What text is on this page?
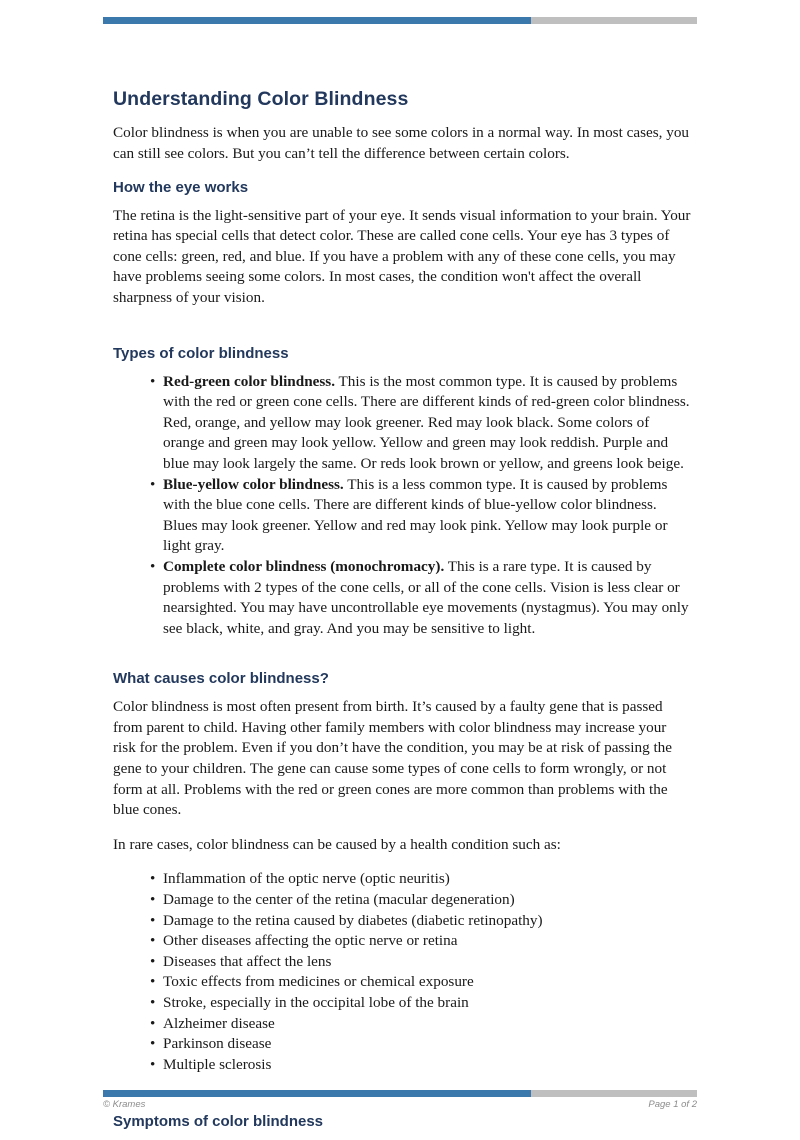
Understanding Color Blindness

Color blindness is when you are unable to see some colors in a normal way. In most cases, you can still see colors. But you can’t tell the difference between certain colors.

How the eye works

The retina is the light-sensitive part of your eye. It sends visual information to your brain. Your retina has special cells that detect color. These are called cone cells. Your eye has 3 types of cone cells: green, red, and blue. If you have a problem with any of these cone cells, you may have problems seeing some colors. In most cases, the condition won't affect the overall sharpness of your vision.

Types of color blindness
• Red-green color blindness. This is the most common type. It is caused by problems with the red or green cone cells. There are different kinds of red-green color blindness. Red, orange, and yellow may look greener. Red may look black. Some colors of orange and green may look yellow. Yellow and green may look reddish. Purple and blue may look largely the same. Or reds look brown or yellow, and greens look beige.
• Blue-yellow color blindness. This is a less common type. It is caused by problems with the blue cone cells. There are different kinds of blue-yellow color blindness. Blues may look greener. Yellow and red may look pink. Yellow may look purple or light gray.
• Complete color blindness (monochromacy). This is a rare type. It is caused by problems with 2 types of the cone cells, or all of the cone cells. Vision is less clear or nearsighted. You may have uncontrollable eye movements (nystagmus). You may only see black, white, and gray. And you may be sensitive to light.
What causes color blindness?

Color blindness is most often present from birth. It’s caused by a faulty gene that is passed from parent to child. Having other family members with color blindness may increase your risk for the problem. Even if you don’t have the condition, you may be at risk of passing the gene to your children. The gene can cause some types of cone cells to form wrongly, or not form at all. Problems with the red or green cones are more common than problems with the blue cones.

In rare cases, color blindness can be caused by a health condition such as:

• Inflammation of the optic nerve (optic neuritis)
• Damage to the center of the retina (macular degeneration)
• Damage to the retina caused by diabetes (diabetic retinopathy)
• Other diseases affecting the optic nerve or retina
• Diseases that affect the lens
• Toxic effects from medicines or chemical exposure
• Stroke, especially in the occipital lobe of the brain
• Alzheimer disease
• Parkinson disease
• Multiple sclerosis
Symptoms of color blindness
© Krames	Page 1 of 2
